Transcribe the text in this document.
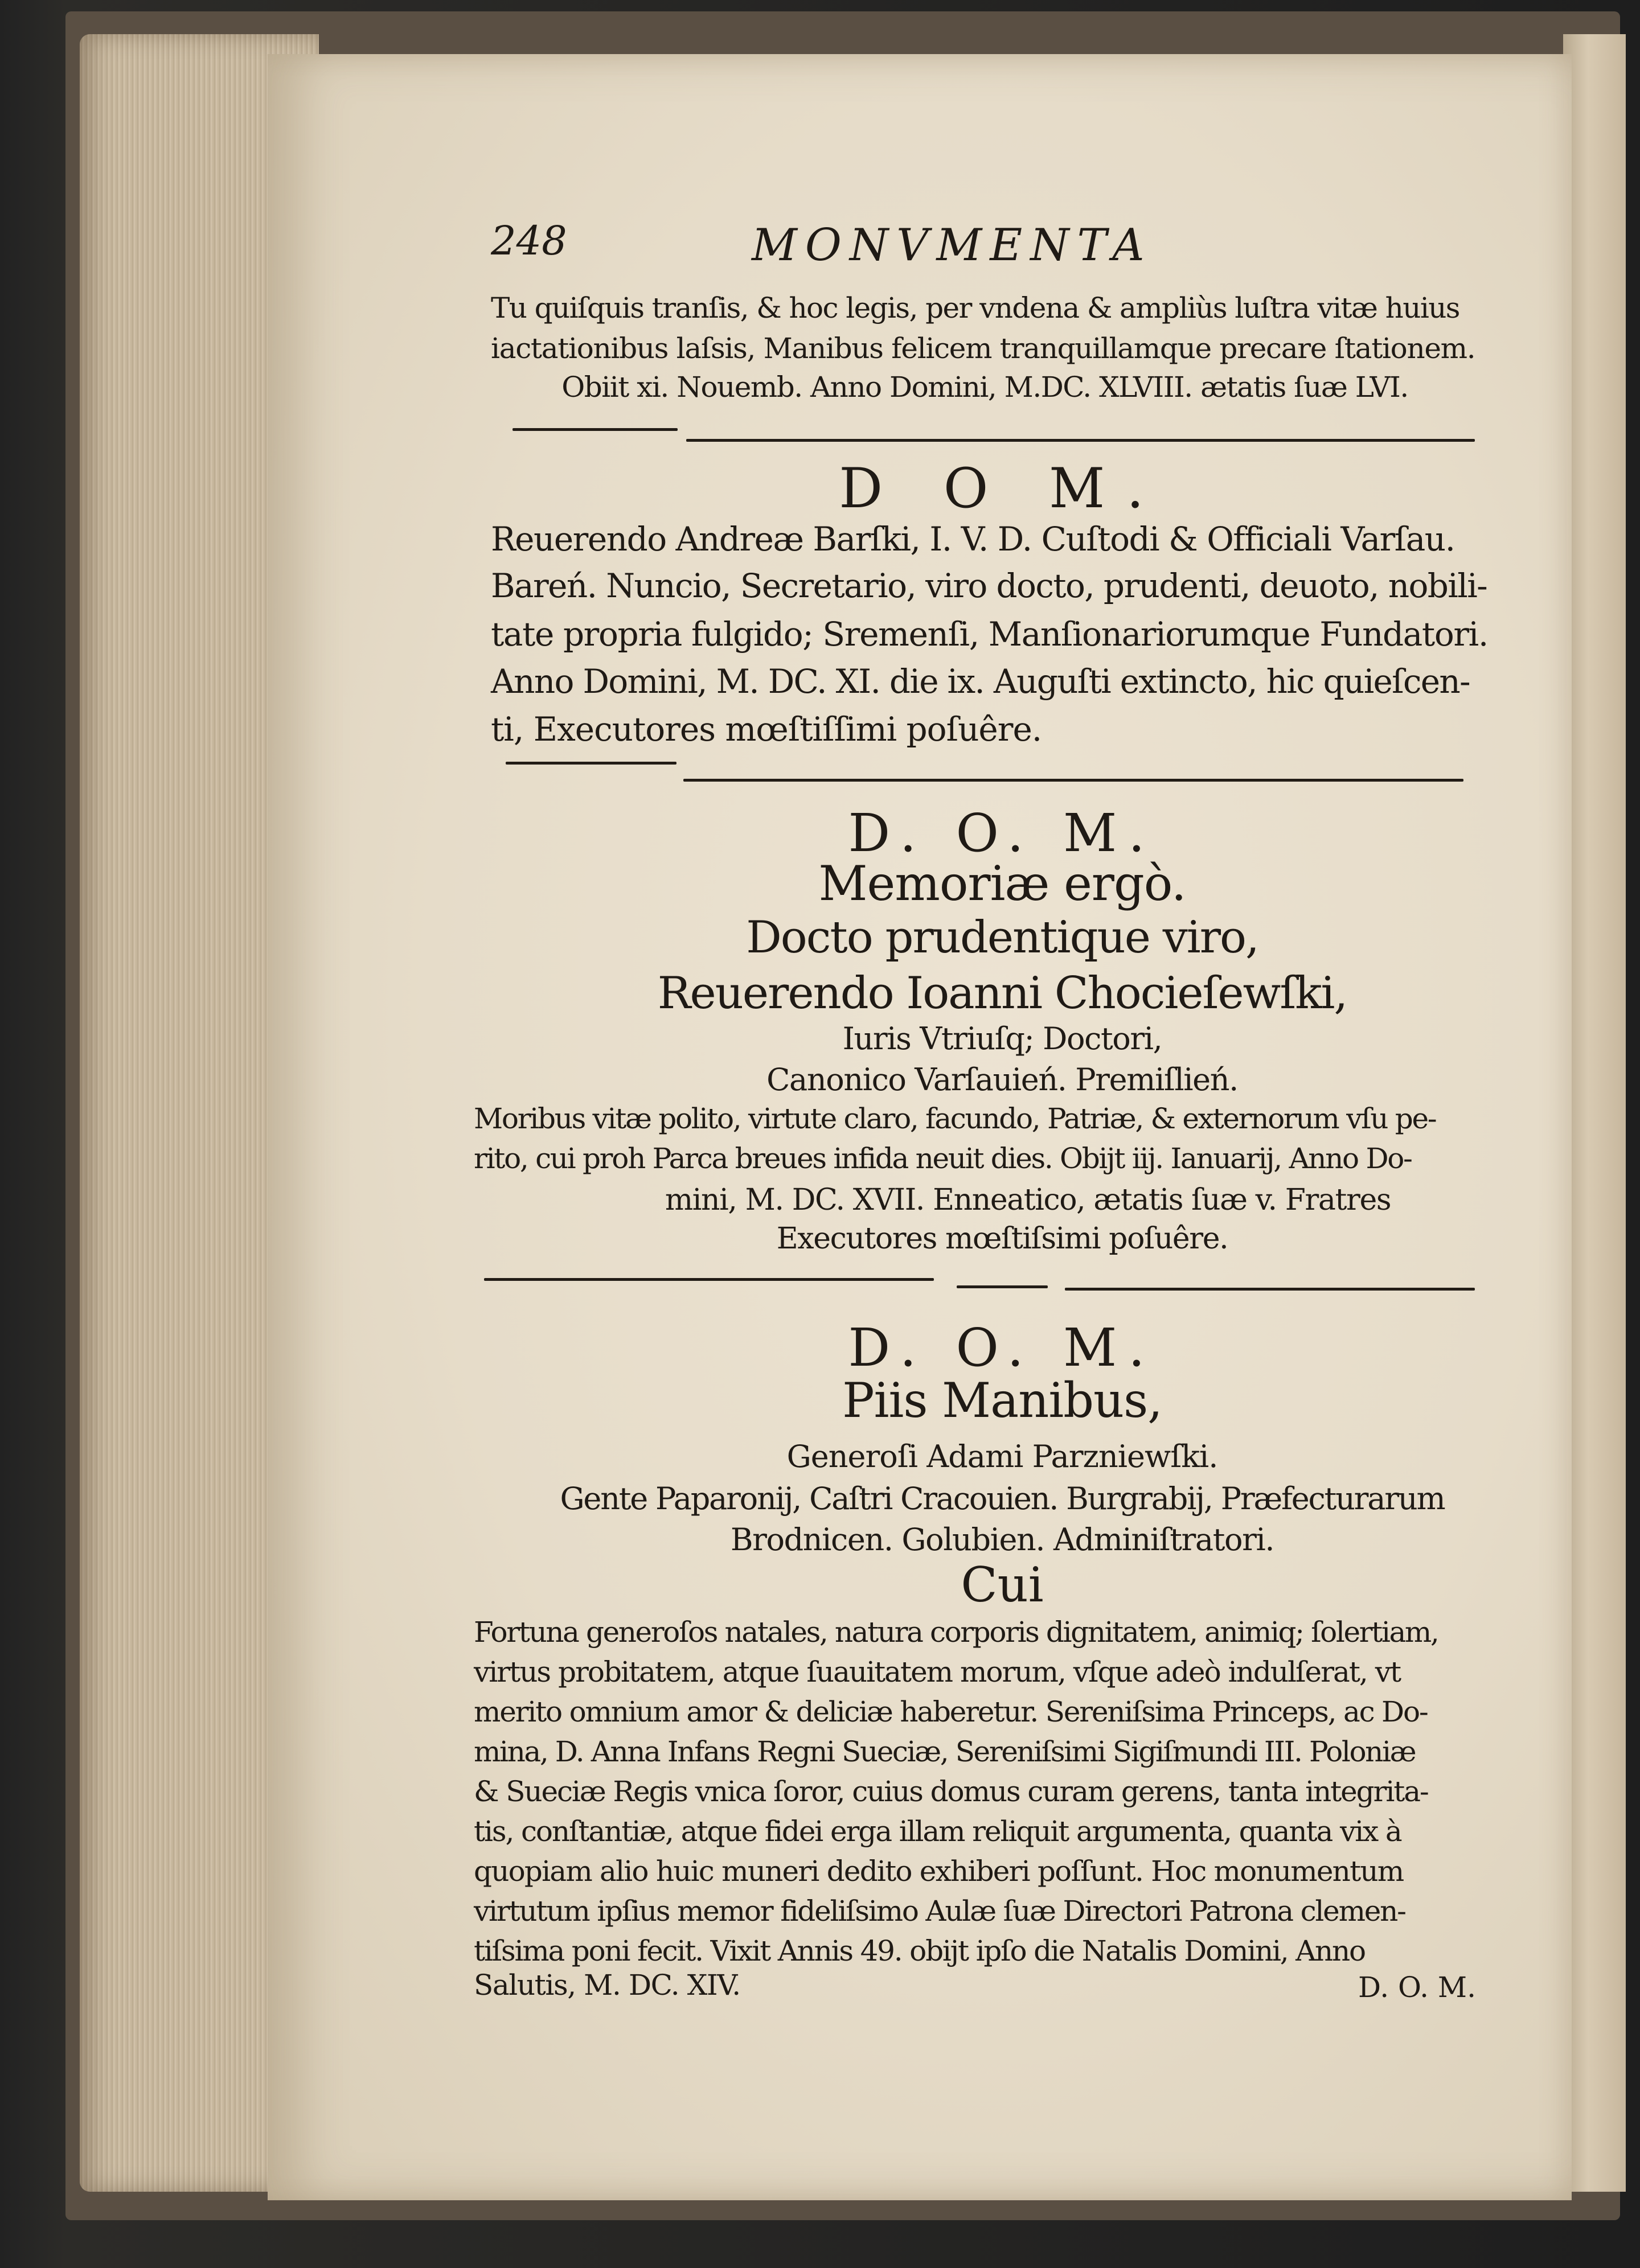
248	MONVMENTA
Tu quiſquis tranſis, & hoc legis, per vndena & ampliùs luſtra vitæ huius
iactationibus laſsis, Manibus felicem tranquillamque precare ſtationem.
Obiit xi. Nouemb. Anno Domini, M.DC. XLVIII. ætatis ſuæ LVI.
D O M.
Reuerendo Andreæ Barſki, I. V. D. Cuſtodi & Officiali Varſau.
Bareń. Nuncio, Secretario, viro docto, prudenti, deuoto, nobili-
tate propria fulgido; Sremenſi, Manſionariorumque Fundatori.
Anno Domini, M. DC. XI. die ix. Auguſti extincto, hic quieſcen-
ti, Executores mœſtiſſimi poſuêre.
D. O. M.
Memoriæ ergò.
Docto prudentique viro,
Reuerendo Ioanni Chocieſewſki,
Iuris Vtriuſq; Doctori,
Canonico Varſauień. Premiſlień.
Moribus vitæ polito, virtute claro, facundo, Patriæ, & externorum vſu pe-
rito, cui proh Parca breues infida neuit dies. Obijt iij. Ianuarij, Anno Do-
mini, M. DC. XVII. Enneatico, ætatis ſuæ v. Fratres
Executores mœſtiſsimi poſuêre.
D. O. M.
Piis Manibus,
Generoſi Adami Parzniewſki.
Gente Paparonij, Caſtri Cracouien. Burgrabij, Præfecturarum
Brodnicen. Golubien. Adminiſtratori.
Cui
Fortuna generoſos natales, natura corporis dignitatem, animiq; ſolertiam,
virtus probitatem, atque ſuauitatem morum, vſque adeò indulſerat, vt
merito omnium amor & deliciæ haberetur. Sereniſsima Princeps, ac Do-
mina, D. Anna Infans Regni Sueciæ, Sereniſsimi Sigiſmundi III. Poloniæ
& Sueciæ Regis vnica ſoror, cuius domus curam gerens, tanta integrita-
tis, conſtantiæ, atque fidei erga illam reliquit argumenta, quanta vix à
quopiam alio huic muneri dedito exhiberi poſſunt. Hoc monumentum
virtutum ipſius memor fideliſsimo Aulæ ſuæ Directori Patrona clemen-
tiſsima poni fecit. Vixit Annis 49. obijt ipſo die Natalis Domini, Anno
Salutis, M. DC. XIV.	D. O. M.
